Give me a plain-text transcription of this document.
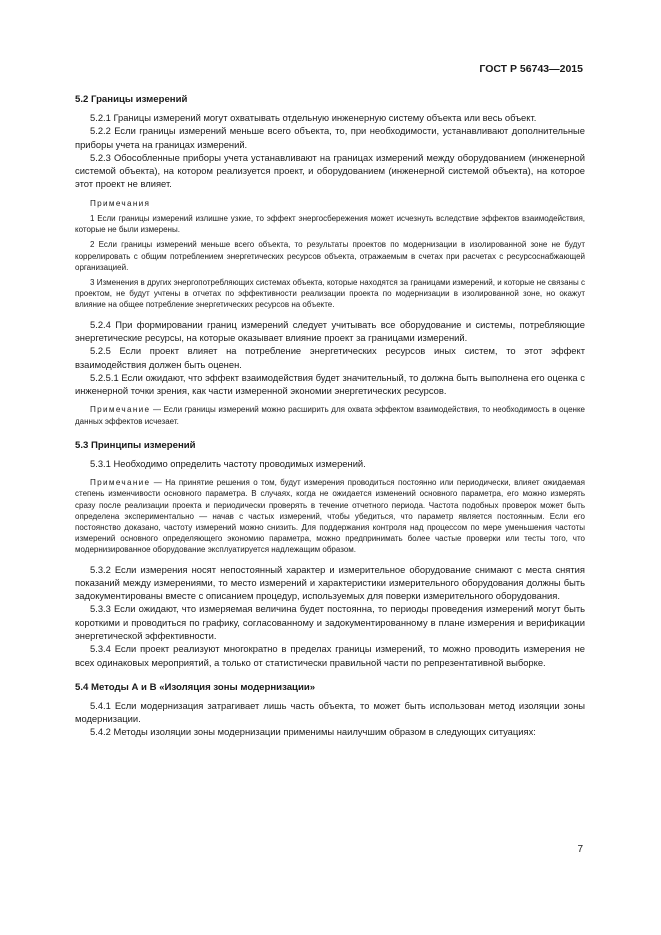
ГОСТ Р 56743—2015
5.2 Границы измерений

5.2.1 Границы измерений могут охватывать отдельную инженерную систему объекта или весь объект.

5.2.2 Если границы измерений меньше всего объекта, то, при необходимости, устанавливают дополнительные приборы учета на границах измерений.

5.2.3 Обособленные приборы учета устанавливают на границах измерений между оборудованием (инженерной системой объекта), на котором реализуется проект, и оборудованием (инженерной системой объекта), на которое этот проект не влияет.

Примечания

1 Если границы измерений излишне узкие, то эффект энергосбережения может исчезнуть вследствие эффектов взаимодействия, которые не были измерены.

2 Если границы измерений меньше всего объекта, то результаты проектов по модернизации в изолированной зоне не будут коррелировать с общим потреблением энергетических ресурсов объекта, отражаемым в счетах при расчетах с ресурсоснабжающей организацией.

3 Изменения в других энергопотребляющих системах объекта, которые находятся за границами измерений, и которые не связаны с проектом, не будут учтены в отчетах по эффективности реализации проекта по модернизации в изолированной зоне, но окажут влияние на общее потребление энергетических ресурсов на объекте.

5.2.4 При формировании границ измерений следует учитывать все оборудование и системы, потребляющие энергетические ресурсы, на которые оказывает влияние проект за границами измерений.

5.2.5 Если проект влияет на потребление энергетических ресурсов иных систем, то этот эффект взаимодействия должен быть оценен.

5.2.5.1 Если ожидают, что эффект взаимодействия будет значительный, то должна быть выполнена его оценка с инженерной точки зрения, как части измеренной экономии энергетических ресурсов.

Примечание — Если границы измерений можно расширить для охвата эффектом взаимодействия, то необходимость в оценке данных эффектов исчезает.

5.3 Принципы измерений

5.3.1 Необходимо определить частоту проводимых измерений.

Примечание — На принятие решения о том, будут измерения проводиться постоянно или периодически, влияет ожидаемая степень изменчивости основного параметра. В случаях, когда не ожидается изменений основного параметра, его можно измерять сразу после реализации проекта и периодически проверять в течение отчетного периода. Частота подобных проверок может быть определена экспериментально — начав с частых измерений, чтобы убедиться, что параметр является постоянным. Если его постоянство доказано, частоту измерений можно снизить. Для поддержания контроля над процессом по мере уменьшения частоты измерений основного определяющего экономию параметра, можно предпринимать более частые проверки или тесты того, что модернизированное оборудование эксплуатируется надлежащим образом.

5.3.2 Если измерения носят непостоянный характер и измерительное оборудование снимают с места снятия показаний между измерениями, то место измерений и характеристики измерительного оборудования должны быть задокументированы вместе с описанием процедур, используемых для поверки измерительного оборудования.

5.3.3 Если ожидают, что измеряемая величина будет постоянна, то периоды проведения измерений могут быть короткими и проводиться по графику, согласованному и задокументированному в плане измерения и верификации энергетической эффективности.

5.3.4 Если проект реализуют многократно в пределах границы измерений, то можно проводить измерения не всех одинаковых мероприятий, а только от статистически правильной части по репрезентативной выборке.

5.4 Методы А и В «Изоляция зоны модернизации»

5.4.1 Если модернизация затрагивает лишь часть объекта, то может быть использован метод изоляции зоны модернизации.

5.4.2 Методы изоляции зоны модернизации применимы наилучшим образом в следующих ситуациях:

7
